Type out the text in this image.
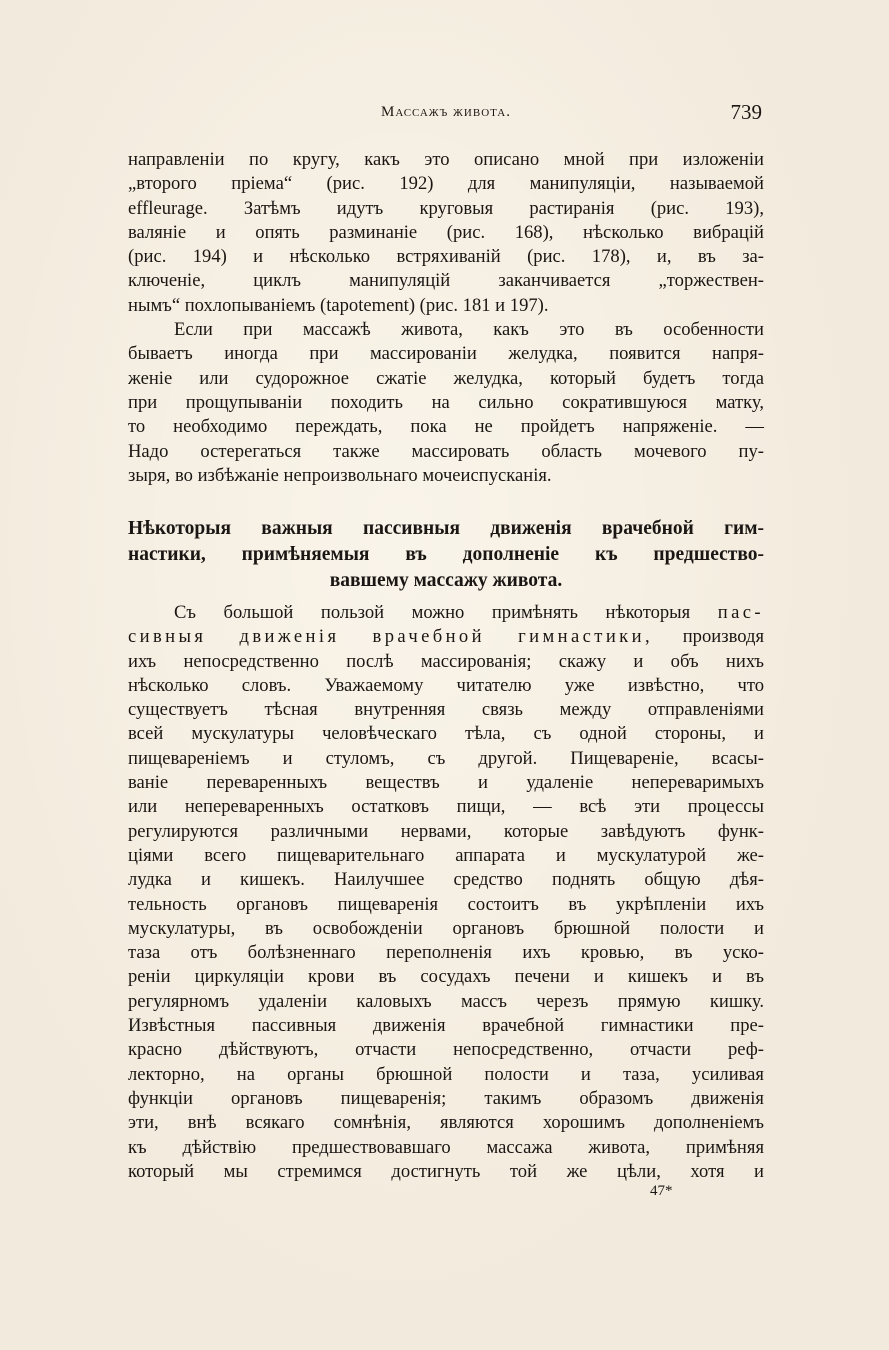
Массажъ живота.	739
направленіи по кругу, какъ это описано мной при изложеніи
„второго пріема“ (рис. 192) для манипуляціи, называемой
effleurage. Затѣмъ идутъ круговыя растиранія (рис. 193),
валяніе и опять разминаніе (рис. 168), нѣсколько вибрацій
(рис. 194) и нѣсколько встряхиваній (рис. 178), и, въ за-
ключеніе, циклъ манипуляцій заканчивается „торжествен-
нымъ“ похлопываніемъ (tapotement) (рис. 181 и 197).
Если при массажѣ живота, какъ это въ особенности
бываетъ иногда при массированіи желудка, появится напря-
женіе или судорожное сжатіе желудка, который будетъ тогда
при прощупываніи походить на сильно сократившуюся матку,
то необходимо переждать, пока не пройдетъ напряженіе. —
Надо остерегаться также массировать область мочевого пу-
зыря, во избѣжаніе непроизвольнаго мочеиспусканія.
Нѣкоторыя важныя пассивныя движенія врачебной гим-
настики, примѣняемыя въ дополненіе къ предшество-
вавшему массажу живота.
Съ большой пользой можно примѣнять нѣкоторыя пас-
сивныя движенія врачебной гимнастики, производя
ихъ непосредственно послѣ массированія; скажу и объ нихъ
нѣсколько словъ. Уважаемому читателю уже извѣстно, что
существуетъ тѣсная внутренняя связь между отправленіями
всей мускулатуры человѣческаго тѣла, съ одной стороны, и
пищевареніемъ и стуломъ, съ другой. Пищевареніе, всасы-
ваніе переваренныхъ веществъ и удаленіе непереваримыхъ
или непереваренныхъ остатковъ пищи, — всѣ эти процессы
регулируются различными нервами, которые завѣдуютъ функ-
ціями всего пищеварительнаго аппарата и мускулатурой же-
лудка и кишекъ. Наилучшее средство поднять общую дѣя-
тельность органовъ пищеваренія состоитъ въ укрѣпленіи ихъ
мускулатуры, въ освобожденіи органовъ брюшной полости и
таза отъ болѣзненнаго переполненія ихъ кровью, въ уско-
реніи циркуляціи крови въ сосудахъ печени и кишекъ и въ
регулярномъ удаленіи каловыхъ массъ черезъ прямую кишку.
Извѣстныя пассивныя движенія врачебной гимнастики пре-
красно дѣйствуютъ, отчасти непосредственно, отчасти реф-
лекторно, на органы брюшной полости и таза, усиливая
функціи органовъ пищеваренія; такимъ образомъ движенія
эти, внѣ всякаго сомнѣнія, являются хорошимъ дополненіемъ
къ дѣйствію предшествовавшаго массажа живота, примѣняя
который мы стремимся достигнуть той же цѣли, хотя и
47*
